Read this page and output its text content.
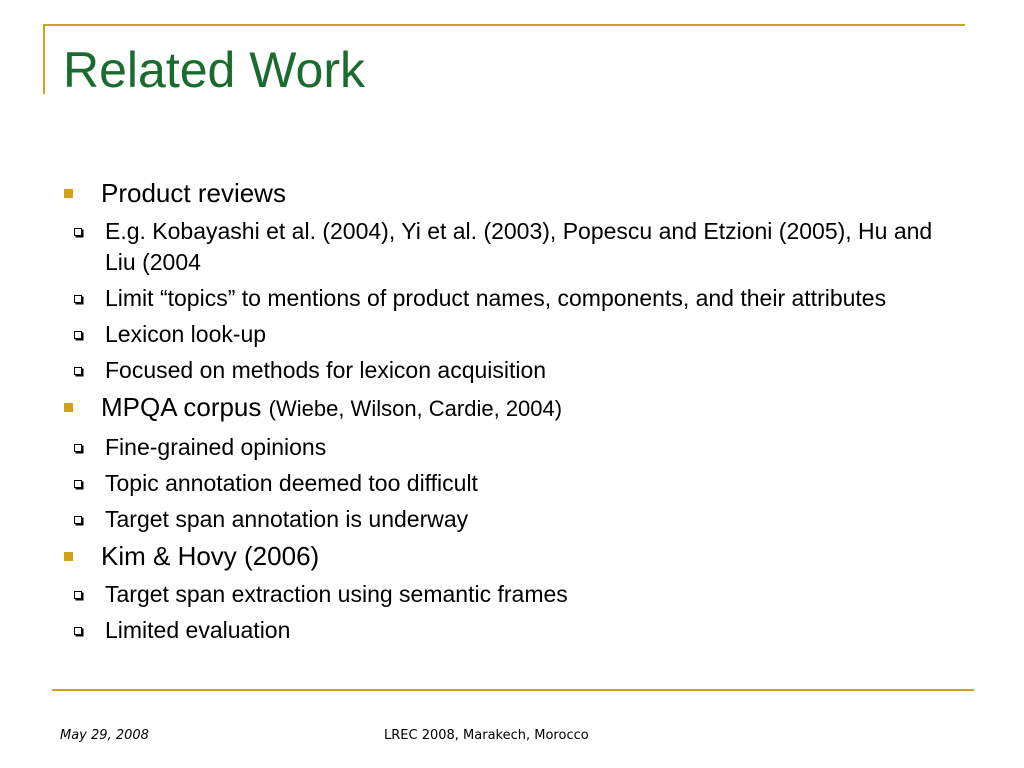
Related Work
Product reviews
E.g. Kobayashi et al. (2004), Yi et al. (2003), Popescu and Etzioni (2005), Hu and Liu (2004
Limit “topics” to mentions of product names, components, and their attributes
Lexicon look-up
Focused on methods for lexicon acquisition
MPQA corpus (Wiebe, Wilson, Cardie, 2004)
Fine-grained opinions
Topic annotation deemed too difficult
Target span annotation is underway
Kim & Hovy (2006)
Target span extraction using semantic frames
Limited evaluation
May 29, 2008	LREC 2008, Marakech, Morocco
